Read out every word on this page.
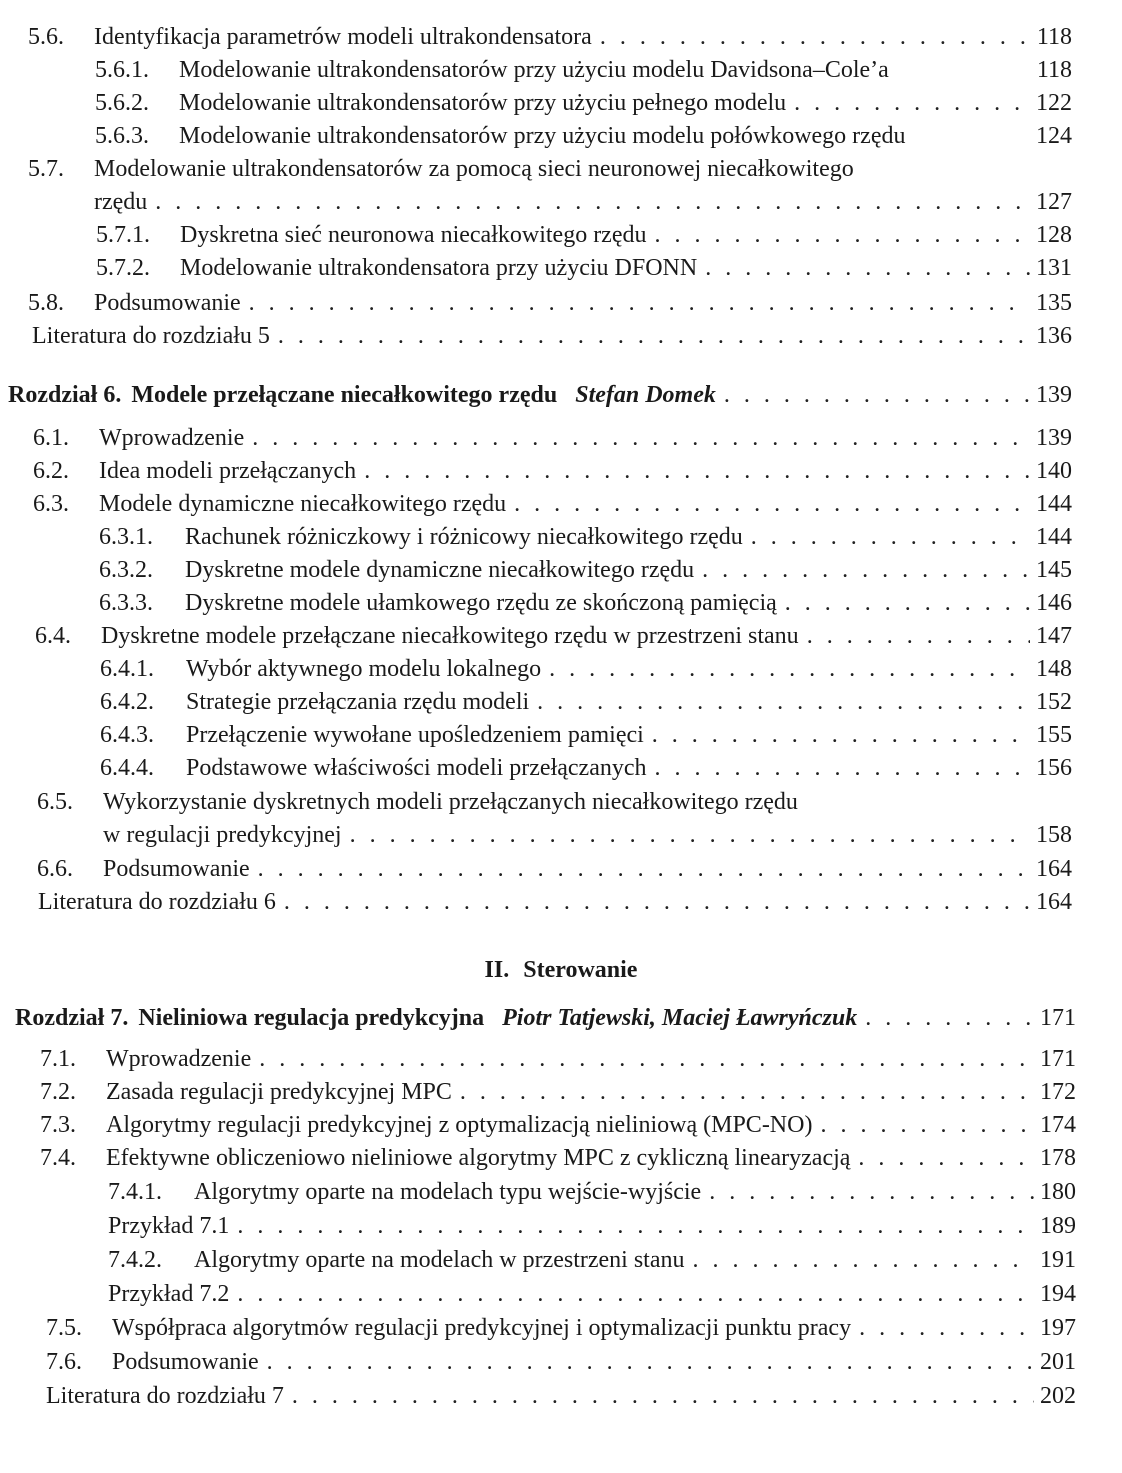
5.6.	Identyfikacja parametrów modeli ultrakondensatora . . .	118
5.6.1.	Modelowanie ultrakondensatorów przy użyciu modelu Davidsona–Cole’a	118
5.6.2.	Modelowanie ultrakondensatorów przy użyciu pełnego modelu . . .	122
5.6.3.	Modelowanie ultrakondensatorów przy użyciu modelu połówkowego rzędu	124
5.7. Modelowanie ultrakondensatorów za pomocą sieci neuronowej niecałkowitego
rzędu . . .	127
5.7.1.	Dyskretna sieć neuronowa niecałkowitego rzędu . . .	128
5.7.2.	Modelowanie ultrakondensatora przy użyciu DFONN . . .	131
5.8.	Podsumowanie . . .	135
Literatura do rozdziału 5 . . .	136
Rozdział 6. Modele przełączane niecałkowitego rzędu Stefan Domek . . .	139
6.1.	Wprowadzenie . . .	139
6.2.	Idea modeli przełączanych . . .	140
6.3.	Modele dynamiczne niecałkowitego rzędu . . .	144
6.3.1.	Rachunek różniczkowy i różnicowy niecałkowitego rzędu . . .	144
6.3.2.	Dyskretne modele dynamiczne niecałkowitego rzędu . . .	145
6.3.3.	Dyskretne modele ułamkowego rzędu ze skończoną pamięcią . . .	146
6.4.	Dyskretne modele przełączane niecałkowitego rzędu w przestrzeni stanu . . .	147
6.4.1.	Wybór aktywnego modelu lokalnego . . .	148
6.4.2.	Strategie przełączania rzędu modeli . . .	152
6.4.3.	Przełączenie wywołane upośledzeniem pamięci . . .	155
6.4.4.	Podstawowe właściwości modeli przełączanych . . .	156
6.5. Wykorzystanie dyskretnych modeli przełączanych niecałkowitego rzędu
w regulacji predykcyjnej . . .	158
6.6.	Podsumowanie . . .	164
Literatura do rozdziału 6 . . .	164
II. Sterowanie
Rozdział 7. Nieliniowa regulacja predykcyjna Piotr Tatjewski, Maciej Ławryńczuk . . .	171
7.1.	Wprowadzenie . . .	171
7.2.	Zasada regulacji predykcyjnej MPC . . .	172
7.3.	Algorytmy regulacji predykcyjnej z optymalizacją nieliniową (MPC-NO) . . .	174
7.4.	Efektywne obliczeniowo nieliniowe algorytmy MPC z cykliczną linearyzacją . . .	178
7.4.1.	Algorytmy oparte na modelach typu wejście-wyjście . . .	180
Przykład 7.1 . . .	189
7.4.2.	Algorytmy oparte na modelach w przestrzeni stanu . . .	191
Przykład 7.2 . . .	194
7.5.	Współpraca algorytmów regulacji predykcyjnej i optymalizacji punktu pracy . . .	197
7.6.	Podsumowanie . . .	201
Literatura do rozdziału 7 . . .	202
